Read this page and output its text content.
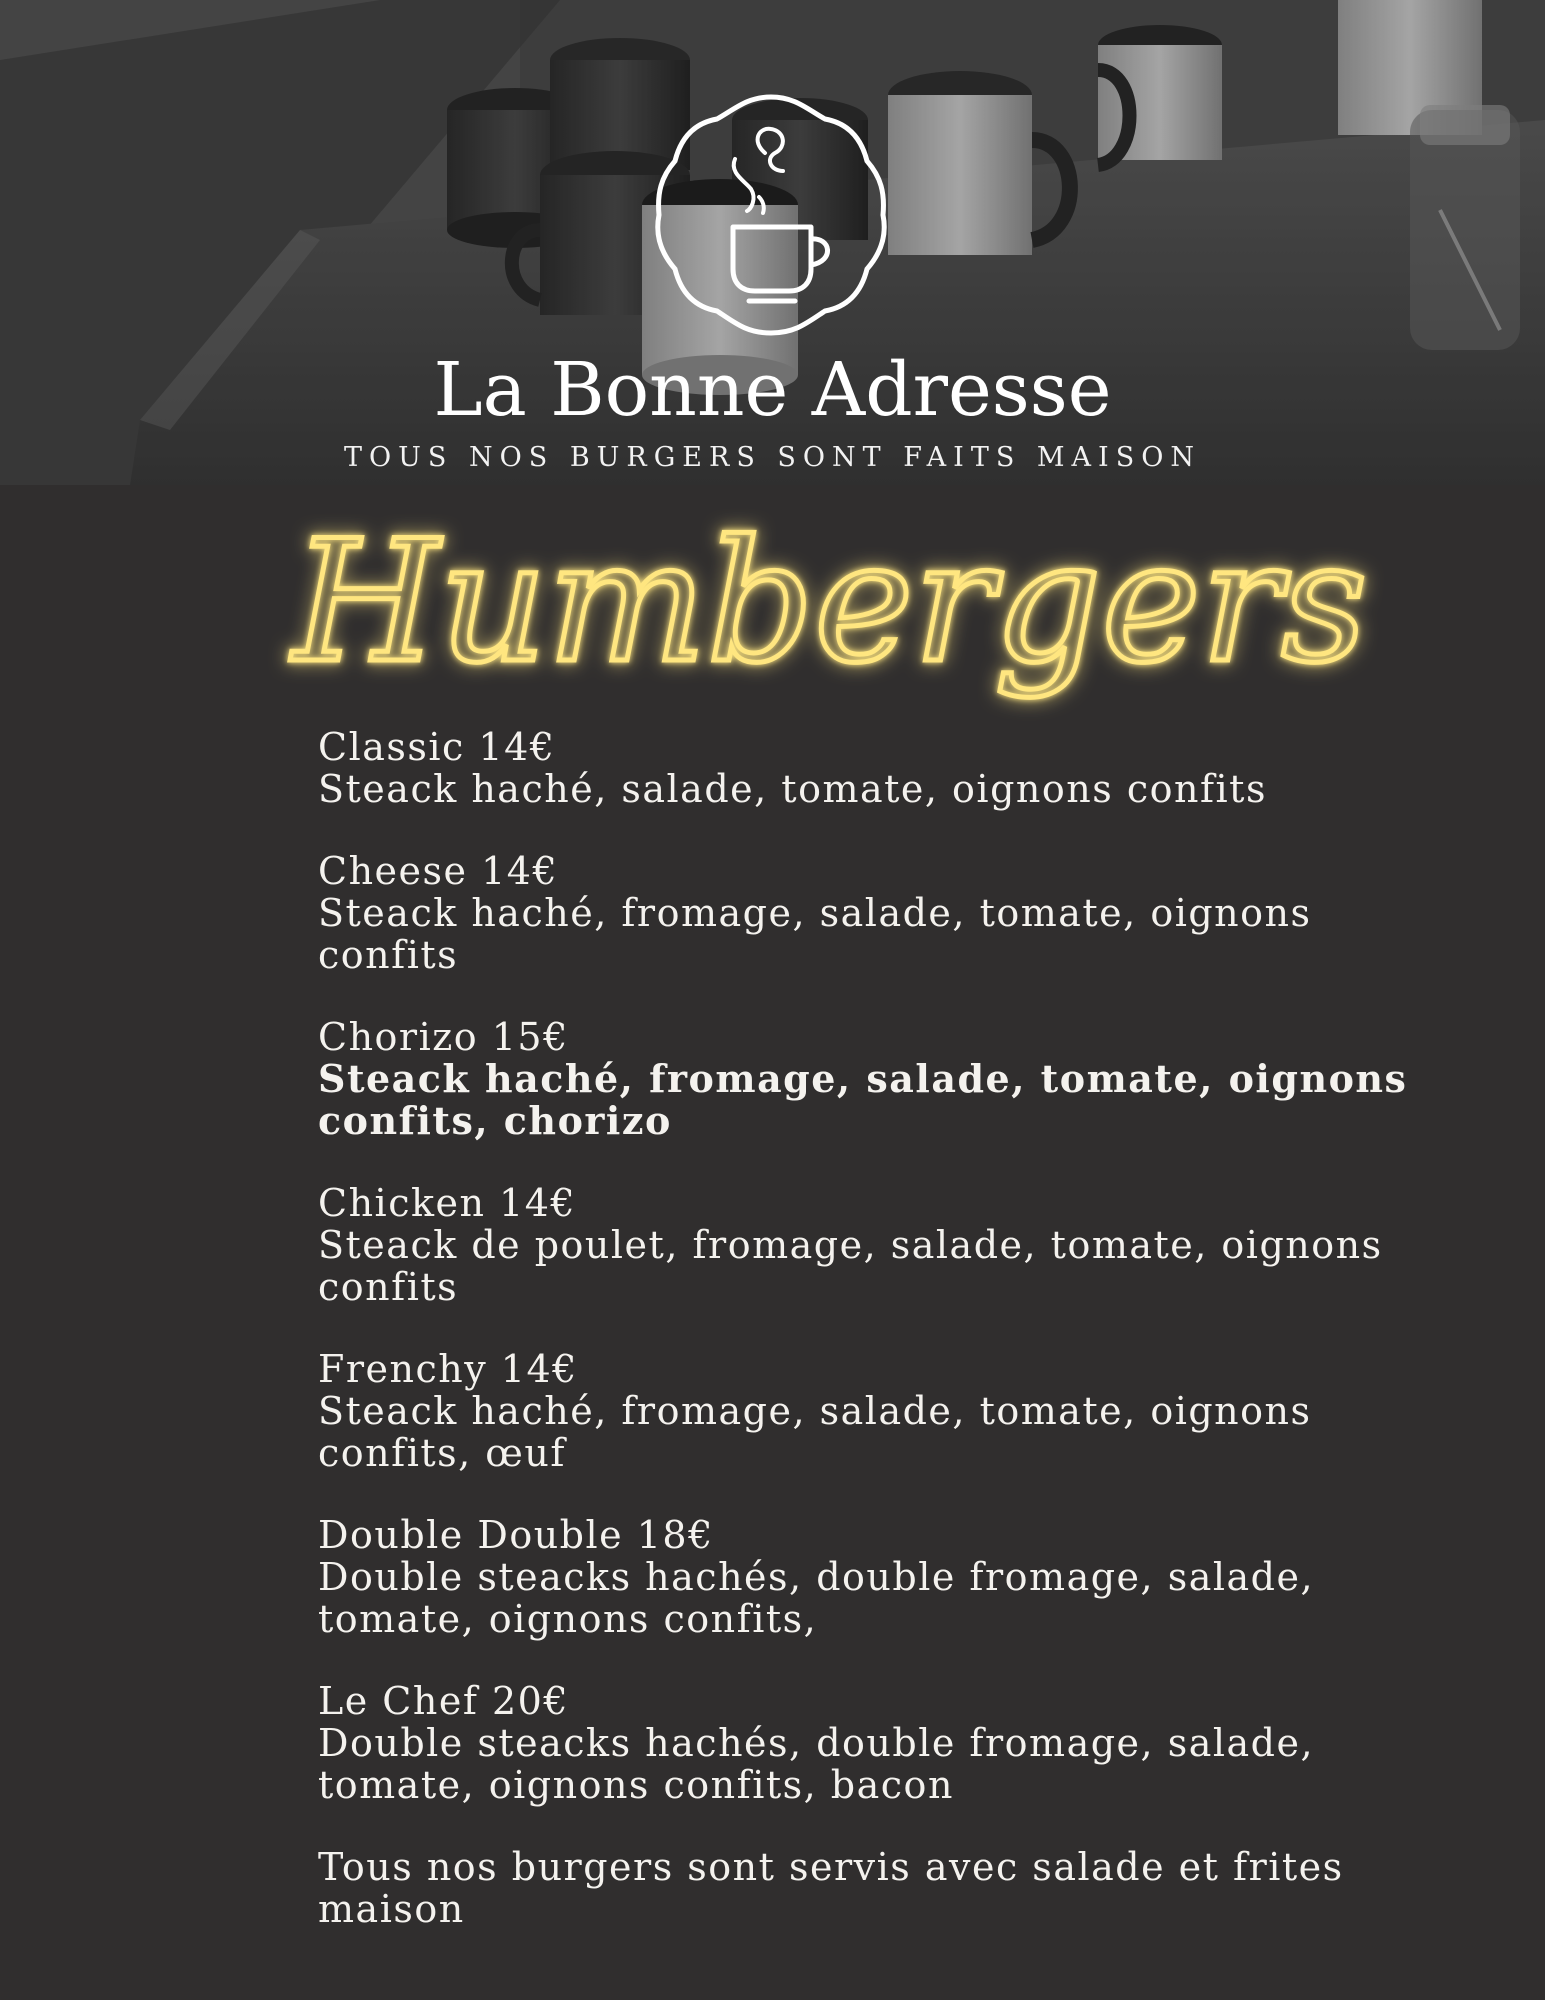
La Bonne Adresse
TOUS NOS BURGERS SONT FAITS MAISON
Humbergers
Classic 14€
Steack haché, salade, tomate, oignons confits
Cheese 14€
Steack haché, fromage, salade, tomate, oignons confits
Chorizo 15€
Steack haché, fromage, salade, tomate, oignons confits, chorizo
Chicken 14€
Steack de poulet, fromage, salade, tomate, oignons confits
Frenchy 14€
Steack haché, fromage, salade, tomate, oignons confits, œuf
Double Double 18€
Double steacks hachés, double fromage, salade, tomate, oignons confits,
Le Chef 20€
Double steacks hachés, double fromage, salade, tomate, oignons confits, bacon
Tous nos burgers sont servis avec salade et frites maison
